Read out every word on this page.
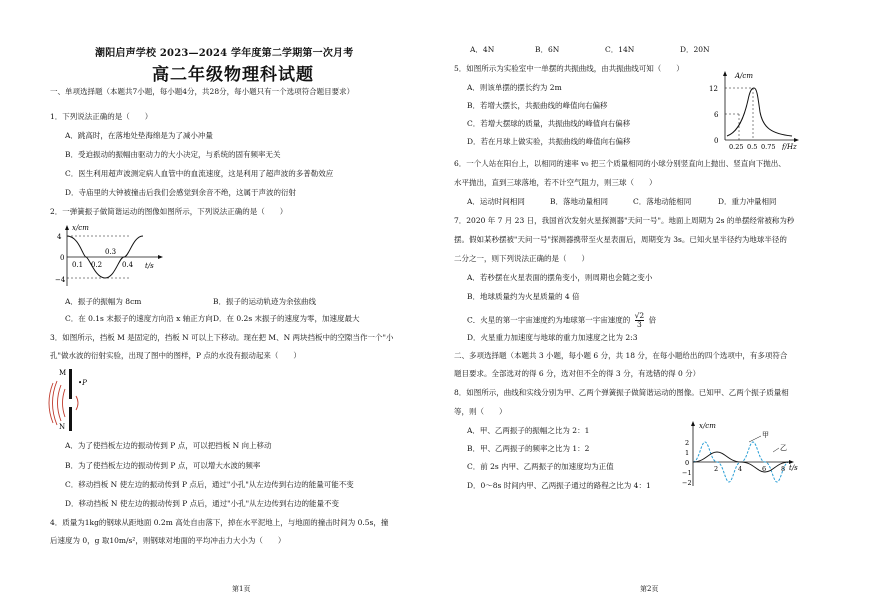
潮阳启声学校 2023—2024 学年度第二学期第一次月考
高二年级物理科试题
一、单项选择题（本题共7小题，每小题4分，共28分，每小题只有一个选项符合题目要求）
1．下列说法正确的是（　　）
A．跳高时，在落地处垫海绵是为了减小冲量
B．受迫振动的振幅由驱动力的大小决定，与系统的固有频率无关
C．医生利用超声波测定病人血管中的血流速度，这是利用了超声波的多普勒效应
D．寺庙里的大钟被撞击后我们会感觉到余音不绝，这属于声波的衍射
2．一弹簧振子做简谐运动的图像如图所示，下列说法正确的是（　　）
4
0
−4
x/cm
t/s
0.1 0.2
0.3
0.4
A．振子的振幅为 8cm	B．振子的运动轨迹为余弦曲线
C．在 0.1s 末振子的速度方向沿 x 轴正方向 D．在 0.2s 末振子的速度为零，加速度最大
3．如图所示，挡板 M 是固定的，挡板 N 可以上下移动。现在把 M、N 两块挡板中的空隙当作一个"小
孔"做水波的衍射实验，出现了图中的图样，P 点的水没有振动起来（　　）
M
N
•P
A．为了使挡板左边的振动传到 P 点，可以把挡板 N 向上移动
B．为了使挡板左边的振动传到 P 点，可以增大水波的频率
C．移动挡板 N 使左边的振动传到 P 点后，通过"小孔"从左边传到右边的能量可能不变
D．移动挡板 N 使左边的振动传到 P 点后，通过"小孔"从左边传到右边的能量不变
4．质量为1kg的钢球从距地面 0.2m 高处自由落下，掉在水平泥地上，与地面的撞击时间为 0.5s，撞
后速度为 0，g 取10m/s²，则钢球对地面的平均冲击力大小为（　　）
第1页
A．4N	B．6N	C．14N	D．20N
5．如图所示为实验室中一单摆的共振曲线，由共振曲线可知（　　）
A．则该单摆的摆长约为 2m
B．若增大摆长，共振曲线的峰值向右偏移
C．若增大摆球的质量，共振曲线的峰值向右偏移
D．若在月球上做实验，共振曲线的峰值向右偏移
A/cm
12
6
0
0.25 0.5 0.75 f/Hz
6．一个人站在阳台上，以相同的速率 v₀ 把三个质量相同的小球分别竖直向上抛出、竖直向下抛出、
水平抛出，直到三球落地，若不计空气阻力，则三球（　　）
A．运动时间相同	B．落地动量相同	C．落地动能相同	D．重力冲量相同
7．2020 年 7 月 23 日，我国首次发射火星探测器"天问一号"。地面上周期为 2s 的单摆经常被称为秒
摆。假如某秒摆被"天问一号"探测器携带至火星表面后，周期变为 3s。已知火星半径约为地球半径的
二分之一，则下列说法正确的是（　　）
A．若秒摆在火星表面的摆角变小，则周期也会随之变小
B．地球质量约为火星质量的 4 倍
C．火星的第一宇宙速度约为地球第一宇宙速度的 $\frac{√2}{3}$ 倍
D．火星重力加速度与地球的重力加速度之比为 2:3
二、多项选择题（本题共 3 小题，每小题 6 分，共 18 分，在每小题给出的四个选项中，有多项符合
题目要求。全部选对的得 6 分，选对但不全的得 3 分，有选错的得 0 分）
8．如图所示，曲线和实线分别为甲、乙两个弹簧振子做简谐运动的图像。已知甲、乙两个振子质量相
等，则（　　）
A．甲、乙两振子的振幅之比为 2：1
B．甲、乙两振子的频率之比为 1：2
C．前 2s 内甲、乙两振子的加速度均为正值
D．0～8s 时间内甲、乙两振子通过的路程之比为 4：1
x/cm
甲
乙
2
1
0
−1
−2
2	4	6 8 t/s
第2页
